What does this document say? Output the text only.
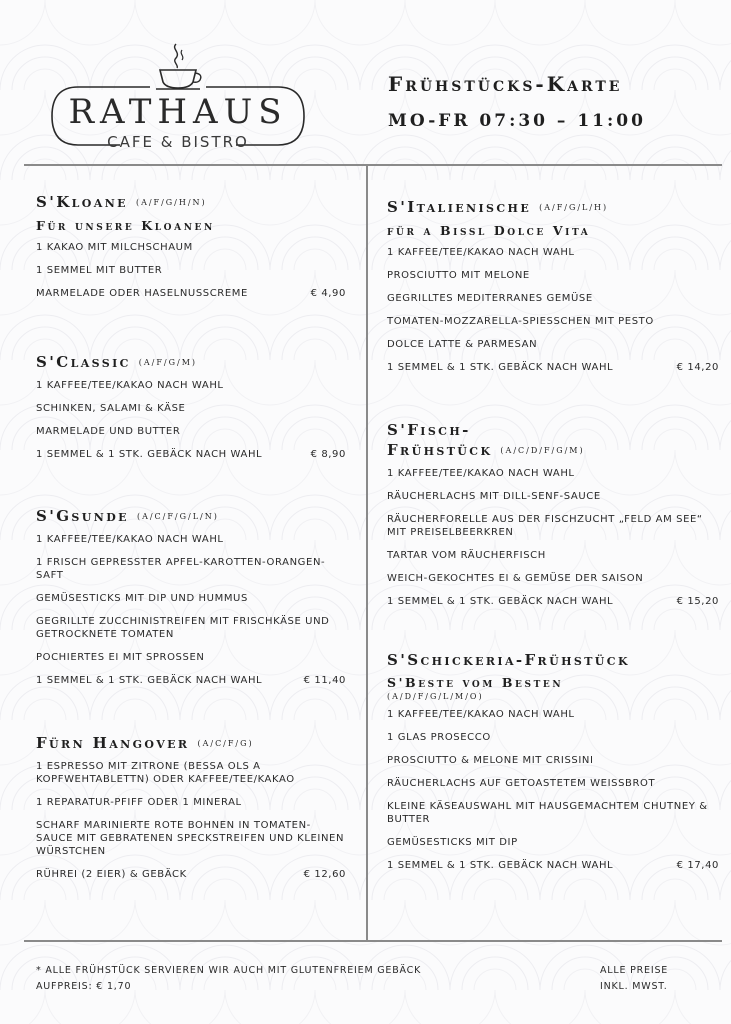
RATHAUS
CAFE & BISTRO
Frühstücks-Karte
MO-FR 07:30 – 11:00
S'Kloane (A/F/G/H/N)
Für unsere Kloanen
1 KAKAO MIT MILCHSCHAUM
1 SEMMEL MIT BUTTER
MARMELADE ODER HASELNUSSCREME	€ 4,90
S'Classic (A/F/G/M)
1 KAFFEE/TEE/KAKAO NACH WAHL
SCHINKEN, SALAMI & KÄSE
MARMELADE UND BUTTER
1 SEMMEL & 1 STK. GEBÄCK NACH WAHL	€ 8,90
S'Gsunde (A/C/F/G/L/N)
1 KAFFEE/TEE/KAKAO NACH WAHL
1 FRISCH GEPRESSTER APFEL-KAROTTEN-ORANGEN-SAFT
GEMÜSESTICKS MIT DIP UND HUMMUS
GEGRILLTE ZUCCHINISTREIFEN MIT FRISCHKÄSE UND GETROCKNETE TOMATEN
POCHIERTES EI MIT SPROSSEN
1 SEMMEL & 1 STK. GEBÄCK NACH WAHL	€ 11,40
Fürn Hangover (A/C/F/G)
1 ESPRESSO MIT ZITRONE (BESSA OLS A KOPFWEHTABLETTN) ODER KAFFEE/TEE/KAKAO
1 REPARATUR-PFIFF ODER 1 MINERAL
SCHARF MARINIERTE ROTE BOHNEN IN TOMATEN-SAUCE MIT GEBRATENEN SPECKSTREIFEN UND KLEINEN WÜRSTCHEN
RÜHREI (2 EIER) & GEBÄCK	€ 12,60
S'Italienische (A/F/G/L/H)
für a Bissl Dolce Vita
1 KAFFEE/TEE/KAKAO NACH WAHL
PROSCIUTTO MIT MELONE
GEGRILLTES MEDITERRANES GEMÜSE
TOMATEN-MOZZARELLA-SPIESSCHEN MIT PESTO
DOLCE LATTE & PARMESAN
1 SEMMEL & 1 STK. GEBÄCK NACH WAHL	€ 14,20
S'Fisch-
Frühstück (A/C/D/F/G/M)
1 KAFFEE/TEE/KAKAO NACH WAHL
RÄUCHERLACHS MIT DILL-SENF-SAUCE
RÄUCHERFORELLE AUS DER FISCHZUCHT „FELD AM SEE“ MIT PREISELBEERKREN
TARTAR VOM RÄUCHERFISCH
WEICH-GEKOCHTES EI & GEMÜSE DER SAISON
1 SEMMEL & 1 STK. GEBÄCK NACH WAHL	€ 15,20
S'Schickeria-Frühstück
S'Beste vom Besten
(A/D/F/G/L/M/O)
1 KAFFEE/TEE/KAKAO NACH WAHL
1 GLAS PROSECCO
PROSCIUTTO & MELONE MIT CRISSINI
RÄUCHERLACHS AUF GETOASTETEM WEISSBROT
KLEINE KÄSEAUSWAHL MIT HAUSGEMACHTEM CHUTNEY & BUTTER
GEMÜSESTICKS MIT DIP
1 SEMMEL & 1 STK. GEBÄCK NACH WAHL	€ 17,40
* ALLE FRÜHSTÜCK SERVIEREN WIR AUCH MIT GLUTENFREIEM GEBÄCK
AUFPREIS: € 1,70
ALLE PREISE
INKL. MWST.
